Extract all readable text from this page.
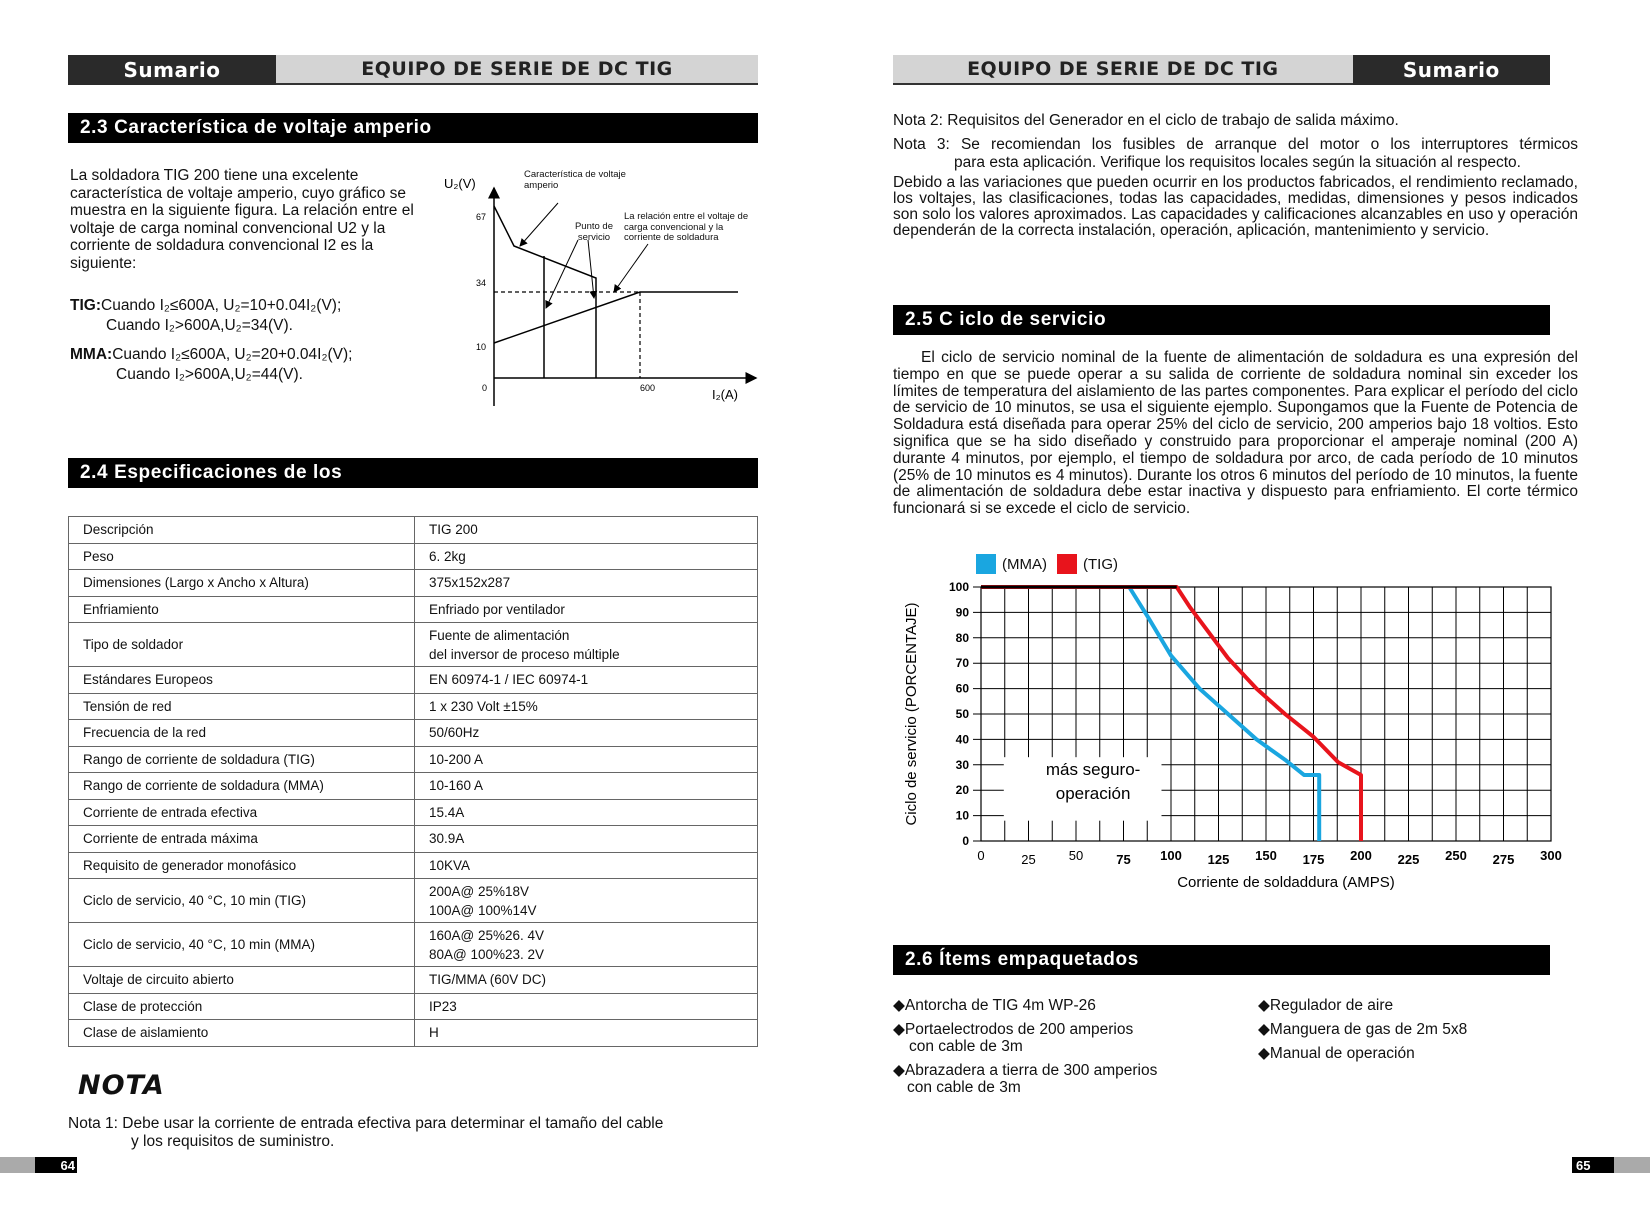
Sumario	EQUIPO DE SERIE DE DC TIG
2.3 Característica de voltaje amperio
La soldadora TIG 200 tiene una excelente característica de voltaje amperio, cuyo gráfico se muestra en la siguiente figura. La relación entre el voltaje de carga nominal convencional U2 y la corriente de soldadura convencional I2 es la siguiente:
TIG:Cuando I₂≤600A, U₂=10+0.04I₂(V);
Cuando I₂>600A,U₂=34(V).
MMA:Cuando I₂≤600A, U₂=20+0.04I₂(V);
Cuando I₂>600A,U₂=44(V).
U₂(V)
I₂(A)
67
34
10
0	600
Característica de voltaje amperio
Punto de servicio
La relación entre el voltaje de carga convencional y la corriente de soldadura
2.4 Especificaciones de los
Descripción	TIG 200
Peso	6. 2kg
Dimensiones (Largo x Ancho x Altura)	375x152x287
Enfriamiento	Enfriado por ventilador
Tipo de soldador	Fuente de alimentación
del inversor de proceso múltiple

Estándares Europeos	EN 60974-1 / IEC 60974-1
Tensión de red	1 x 230 Volt ±15%
Frecuencia de la red	50/60Hz
Rango de corriente de soldadura (TIG)	10-200 A
Rango de corriente de soldadura (MMA)	10-160 A
Corriente de entrada efectiva	15.4A
Corriente de entrada máxima	30.9A
Requisito de generador monofásico	10KVA
Ciclo de servicio, 40 °C, 10 min (TIG)	200A@ 25%18V
100A@ 100%14V

Ciclo de servicio, 40 °C, 10 min (MMA)	160A@ 25%26. 4V
80A@ 100%23. 2V

Voltaje de circuito abierto	TIG/MMA (60V DC)
Clase de protección	IP23
Clase de aislamiento	H
NOTA
Nota 1: Debe usar la corriente de entrada efectiva para determinar el tamaño del cable
y los requisitos de suministro.
64
EQUIPO DE SERIE DE DC TIG	Sumario
Nota 2: Requisitos del Generador en el ciclo de trabajo de salida máximo.
Nota 3: Se recomiendan los fusibles de arranque del motor o los interruptores térmicos
para esta aplicación. Verifique los requisitos locales según la situación al respecto.
Debido a las variaciones que pueden ocurrir en los productos fabricados, el rendimiento reclamado, los voltajes, las clasificaciones, todas las capacidades, medidas, dimensiones y pesos indicados son solo los valores aproximados. Las capacidades y calificaciones alcanzables en uso y operación dependerán de la correcta instalación, operación, aplicación, mantenimiento y servicio.
2.5 C iclo de servicio
El ciclo de servicio nominal de la fuente de alimentación de soldadura es una expresión del tiempo en que se puede operar a su salida de corriente de soldadura nominal sin exceder los límites de temperatura del aislamiento de las partes componentes. Para explicar el período del ciclo de servicio de 10 minutos, se usa el siguiente ejemplo. Supongamos que la Fuente de Potencia de Soldadura está diseñada para operar 25% del ciclo de servicio, 200 amperios bajo 18 voltios. Esto significa que se ha sido diseñado y construido para proporcionar el amperaje nominal (200 A) durante 4 minutos, por ejemplo, el tiempo de soldadura por arco, de cada período de 10 minutos (25% de 10 minutos es 4 minutos). Durante los otros 6 minutos del período de 10 minutos, la fuente de alimentación de soldadura debe estar inactiva y dispuesto para enfriamiento. El corte térmico funcionará si se excede el ciclo de servicio.
(MMA) (TIG)
más seguro-
operación
0
10
20
30
40
50
60
70
80
90
100
0	25	50	75 100 125 150 175 200 225 250 275 300
Corriente de soldaddura (AMPS)
Ciclo de servicio (PORCENTAJE)
2.6 Ítems empaquetados
◆Antorcha de TIG 4m WP-26
◆Portaelectrodos de 200 amperios
con cable de 3m
◆Abrazadera a tierra de 300 amperios
con cable de 3m
◆Regulador de aire
◆Manguera de gas de 2m 5x8
◆Manual de operación
65
